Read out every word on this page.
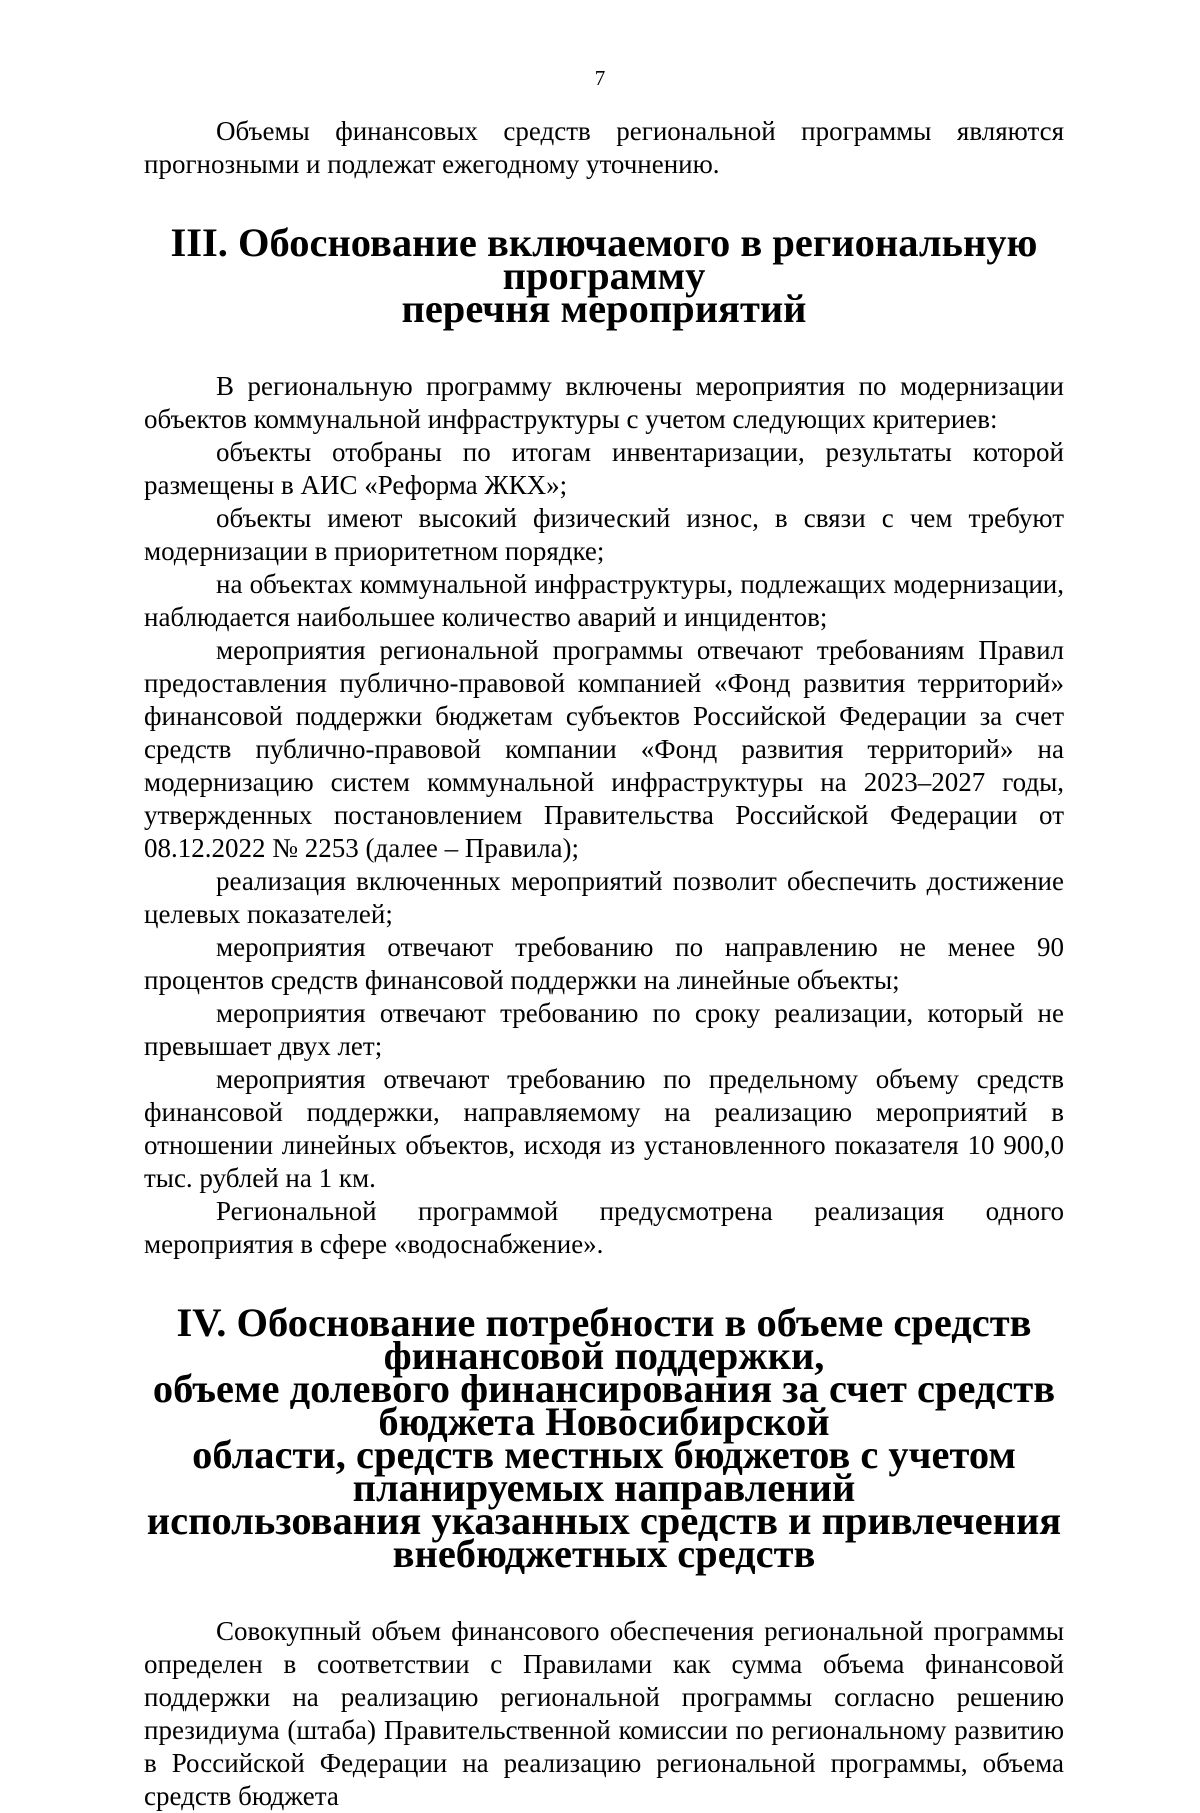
7

Объемы финансовых средств региональной программы являются прогнозными и подлежат ежегодному уточнению.

III. Обоснование включаемого в региональную программу
перечня мероприятий

В региональную программу включены мероприятия по модернизации объектов коммунальной инфраструктуры с учетом следующих критериев:

объекты отобраны по итогам инвентаризации, результаты которой размещены в АИС «Реформа ЖКХ»;

объекты имеют высокий физический износ, в связи с чем требуют модернизации в приоритетном порядке;

на объектах коммунальной инфраструктуры, подлежащих модернизации, наблюдается наибольшее количество аварий и инцидентов;

мероприятия региональной программы отвечают требованиям Правил предоставления публично-правовой компанией «Фонд развития территорий» финансовой поддержки бюджетам субъектов Российской Федерации за счет средств публично-правовой компании «Фонд развития территорий» на модернизацию систем коммунальной инфраструктуры на 2023–2027 годы, утвержденных постановлением Правительства Российской Федерации от 08.12.2022 № 2253 (далее – Правила);

реализация включенных мероприятий позволит обеспечить достижение целевых показателей;

мероприятия отвечают требованию по направлению не менее 90 процентов средств финансовой поддержки на линейные объекты;

мероприятия отвечают требованию по сроку реализации, который не превышает двух лет;

мероприятия отвечают требованию по предельному объему средств финансовой поддержки, направляемому на реализацию мероприятий в отношении линейных объектов, исходя из установленного показателя 10 900,0 тыс. рублей на 1 км.

Региональной программой предусмотрена реализация одного мероприятия в сфере «водоснабжение».

IV. Обоснование потребности в объеме средств финансовой поддержки,
объеме долевого финансирования за счет средств бюджета Новосибирской
области, средств местных бюджетов с учетом планируемых направлений
использования указанных средств и привлечения внебюджетных средств

Совокупный объем финансового обеспечения региональной программы определен в соответствии с Правилами как сумма объема финансовой поддержки на реализацию региональной программы согласно решению президиума (штаба) Правительственной комиссии по региональному развитию в Российской Федерации на реализацию региональной программы, объема средств бюджета
